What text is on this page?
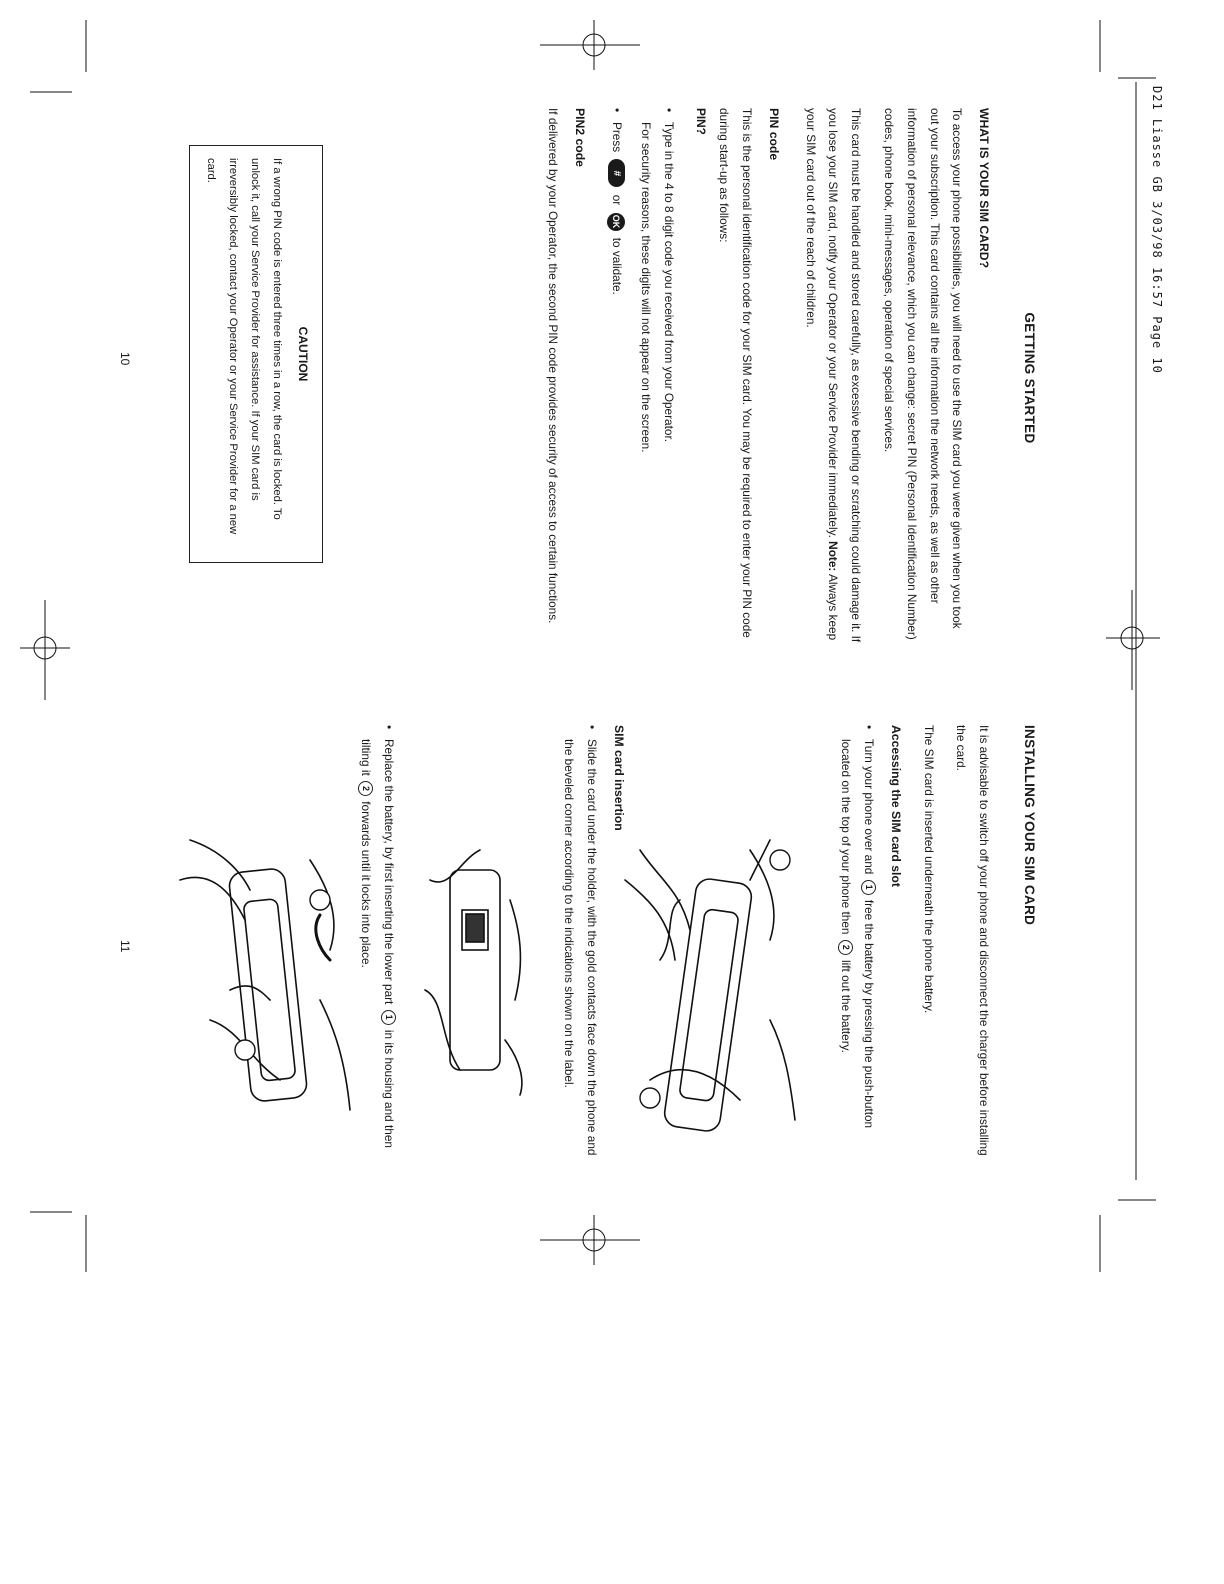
D21 Liasse GB 3/03/98 16:57 Page 10
GETTING STARTED
WHAT IS YOUR SIM CARD?

To access your phone possibilities, you will need to use the SIM card you were given when you took out your subscription. This card contains all the information the network needs, as well as other information of personal relevance, which you can change: secret PIN (Personal Identification Number) codes, phone book, mini-messages, operation of special services.

This card must be handled and stored carefully, as excessive bending or scratching could damage it. If you lose your SIM card, notify your Operator or your Service Provider immediately. Note: Always keep your SIM card out of the reach of children.

PIN code

This is the personal identification code for your SIM card. You may be required to enter your PIN code during start-up as follows:
PIN?

• Type in the 4 to 8 digit code you received from your Operator.
For security reasons, these digits will not appear on the screen.
• Press # or OK to validate.
PIN2 code

If delivered by your Operator, the second PIN code provides security of access to certain functions.

CAUTION
If a wrong PIN code is entered three times in a row, the card is locked. To unlock it, call your Service Provider for assistance. If your SIM card is irreversibly locked, contact your Operator or your Service Provider for a new card.
10
INSTALLING YOUR SIM CARD

It is advisable to switch off your phone and disconnect the charger before installing the card.

The SIM card is inserted underneath the phone battery.

Accessing the SIM card slot
• Turn your phone over and 1 free the battery by pressing the push-button located on the top of your phone then 2 lift out the battery.
SIM card insertion
• Slide the card under the holder, with the gold contacts face down the phone and the beveled corner according to the indications shown on the label.
• Replace the battery, by first inserting the lower part 1 in its housing and then tilting it 2 forwards until it locks into place.
11
